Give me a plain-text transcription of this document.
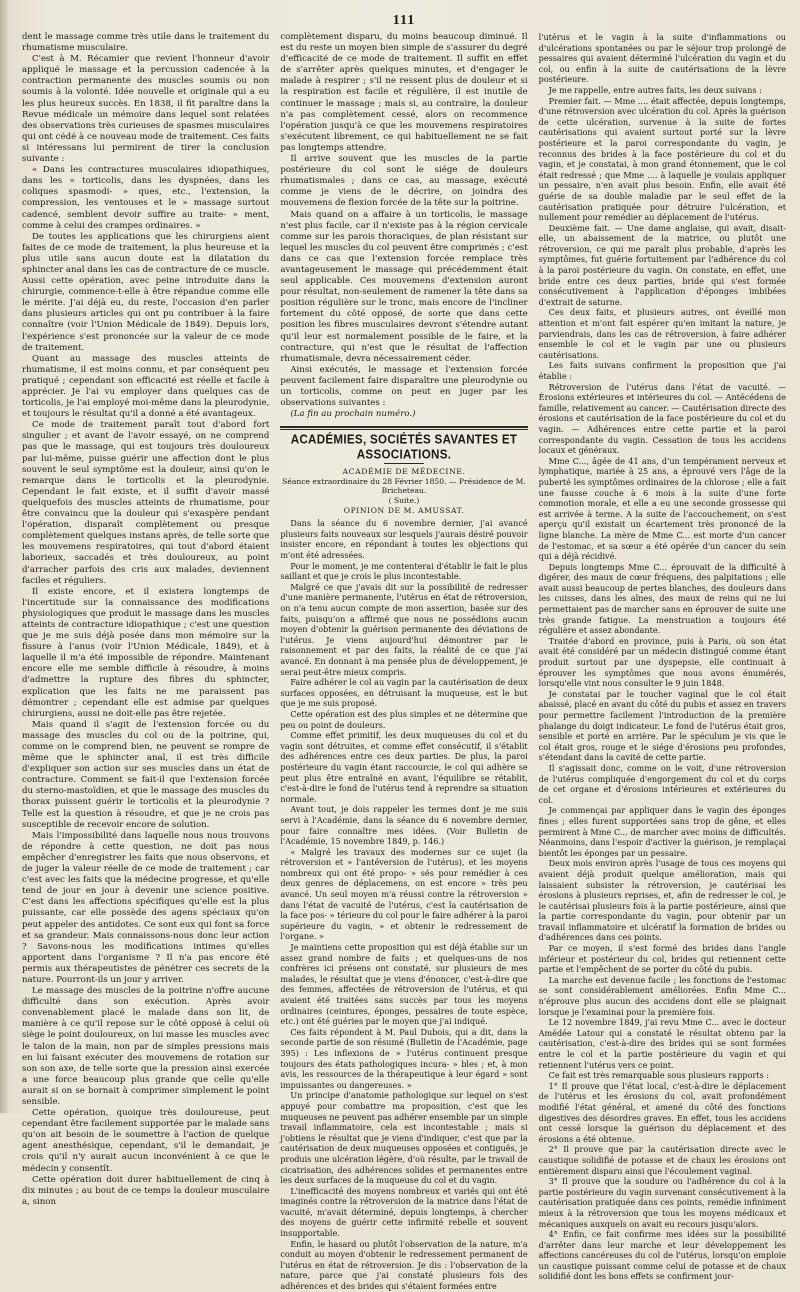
111

dent le massage comme très utile dans le traitement du rhumatisme musculaire.

C'est à M. Récamier que revient l'honneur d'avoir appliqué le massage et la percussion cadencée à la contraction permanente des muscles soumis ou non soumis à la volonté. Idée nouvelle et originale qui a eu les plus heureux succès. En 1838, il fit paraître dans la Revue médicale un mémoire dans lequel sont relatées des observations très curieuses de spasmes musculaires qui ont cédé à ce nouveau mode de traitement. Ces faits si intéressans lui permirent de tirer la conclusion suivante :

« Dans les contractures musculaires idiopathiques, dans les » torticolis, dans les dyspnées, dans les coliques spasmodi- » ques, etc., l'extension, la compression, les ventouses et le » massage surtout cadencé, semblent devoir suffire au traite- » ment, comme à celui des crampes ordinaires. »

De toutes les applications que les chirurgiens aient faites de ce mode de traitement, la plus heureuse et la plus utile sans aucun doute est la dilatation du sphincter anal dans les cas de contracture de ce muscle. Aussi cette opération, avec peine introduite dans la chirurgie, commence-t-elle à être répandue comme elle le mérite. J'ai déjà eu, du reste, l'occasion d'en parler dans plusieurs articles qui ont pu contribuer à la faire connaître (voir l'Union Médicale de 1849). Depuis lors, l'expérience s'est prononcée sur la valeur de ce mode de traitement.

Quant au massage des muscles atteints de rhumatisme, il est moins connu, et par conséquent peu pratiqué ; cependant son efficacité est réelle et facile à apprécier. Je l'ai vu employer dans quelques cas de torticolis, je l'ai employé moi-même dans la pleurodynie, et toujours le résultat qu'il a donné a été avantageux.

Ce mode de traitement paraît tout d'abord fort singulier ; et avant de l'avoir essayé, on ne comprend pas que le massage, qui est toujours très douloureux par lui-même, puisse guérir une affection dont le plus souvent le seul symptôme est la douleur, ainsi qu'on le remarque dans le torticolis et la pleurodynie. Cependant le fait existe, et il suffit d'avoir massé quelquefois des muscles atteints de rhumatisme, pour être convaincu que la douleur qui s'exaspère pendant l'opération, disparaît complètement ou presque complètement quelques instans après, de telle sorte que les mouvemens respiratoires, qui tout d'abord étaient laborieux, saccadés et très douloureux, au point d'arracher parfois des cris aux malades, deviennent faciles et réguliers.

Il existe encore, et il existera longtemps de l'incertitude sur la connaissance des modifications physiologiques que produit le massage dans les muscles atteints de contracture idiopathique ; c'est une question que je me suis déjà posée dans mon mémoire sur la fissure à l'anus (voir l'Union Médicale, 1849), et à laquelle il m'a été impossible de répondre. Maintenant encore elle me semble difficile à résoudre, à moins d'admettre la rupture des fibres du sphincter, explication que les faits ne me paraissent pas démontrer ; cependant elle est admise par quelques chirurgiens, aussi ne doit-elle pas être rejetée.

Mais quand il s'agit de l'extension forcée ou du massage des muscles du col ou de la poitrine, qui, comme on le comprend bien, ne peuvent se rompre de même que le sphincter anal, il est très difficile d'expliquer son action sur ses muscles dans un état de contracture. Comment se fait-il que l'extension forcée du sterno-mastoïdien, et que le massage des muscles du thorax puissent guérir le torticolis et la pleurodynie ? Telle est la question à résoudre, et que je ne crois pas susceptible de recevoir encore de solution.

Mais l'impossibilité dans laquelle nous nous trouvons de répondre à cette question, ne doit pas nous empêcher d'enregistrer les faits que nous observons, et de juger la valeur réelle de ce mode de traitement ; car c'est avec les faits que la médecine progresse, et qu'elle tend de jour en jour à devenir une science positive. C'est dans les affections spécifiques qu'elle est la plus puissante, car elle possède des agens spéciaux qu'on peut appeler des antidotes. Ce sont eux qui font sa force et sa grandeur. Mais connaissons-nous donc leur action ? Savons-nous les modifications intimes qu'elles apportent dans l'organisme ? Il n'a pas encore été permis aux thérapeutistes de pénétrer ces secrets de la nature. Pourront-ils un jour y arriver.

Le massage des muscles de la poitrine n'offre aucune difficulté dans son exécution. Après avoir convenablement placé le malade dans son lit, de manière à ce qu'il repose sur le côté opposé à celui où siège le point douloureux, on lui masse les muscles avec le talon de la main, non par de simples pressions mais en lui faisant exécuter des mouvemens de rotation sur son son axe, de telle sorte que la pression ainsi exercée a une force beaucoup plus grande que celle qu'elle aurait si on se bornait à comprimer simplement le point sensible.

Cette opération, quoique très douloureuse, peut cependant être facilement supportée par le malade sans qu'on ait besoin de le soumettre à l'action de quelque agent anesthésique, cependant, s'il le demandait, je crois qu'il n'y aurait aucun inconvénient à ce que le médecin y consentît.

Cette opération doit durer habituellement de cinq à dix minutes ; au bout de ce temps la douleur musculaire a, sinon

complètement disparu, du moins beaucoup diminué. Il est du reste un moyen bien simple de s'assurer du degré d'efficacité de ce mode de traitement. Il suffit en effet de s'arrêter après quelques minutes, et d'engager le malade à respirer ; s'il ne ressent plus de douleur et si la respiration est facile et régulière, il est inutile de continuer le massage ; mais si, au contraire, la douleur n'a pas complètement cessé, alors on recommence l'opération jusqu'à ce que les mouvemens respiratoires s'exécutent librement, ce qui habituellement ne se fait pas longtemps attendre.

Il arrive souvent que les muscles de la partie postérieure du col sont le siége de douleurs rhumatismales ; dans ce cas, au massage, exécuté comme je viens de le décrire, on joindra des mouvemens de flexion forcée de la tête sur la poitrine.

Mais quand on a affaire à un torticolis, le massage n'est plus facile, car il n'existe pas à la région cervicale comme sur les parois thoraciques, de plan résistant sur lequel les muscles du col peuvent être comprimés ; c'est dans ce cas que l'extension forcée remplace très avantageusement le massage qui précédemment était seul applicable. Ces mouvemens d'extension auront pour résultat, non-seulement de ramener la tête dans sa position régulière sur le tronc, mais encore de l'incliner fortement du côté opposé, de sorte que dans cette position les fibres musculaires devront s'étendre autant qu'il leur est normalement possible de le faire, et la contracture, qui n'est que le résultat de l'affection rhumatismale, devra nécessairement céder.

Ainsi exécutés, le massage et l'extension forcée peuvent facilement faire disparaître une pleurodynie ou un torticolis, comme on peut en juger par les observations suivantes :

(La fin au prochain numéro.)

ACADÉMIES, SOCIÉTÉS SAVANTES ET ASSOCIATIONS.
ACADÉMIE DE MÉDECINE.
Séance extraordinaire du 28 Février 1850. — Présidence de M. Bricheteau.
( Suite.)
OPINION DE M. AMUSSAT.

Dans la séance du 6 novembre dernier, j'ai avancé plusieurs faits nouveaux sur lesquels j'aurais désiré pouvoir insister encore, en répondant à toutes les objections qui m'ont été adressées.

Pour le moment, je me contenterai d'établir le fait le plus saillant et que je crois le plus incontestable.

Malgré ce que j'avais dit sur la possibilité de redresser d'une manière permanente, l'utérus en état de rétroversion, on n'a tenu aucun compte de mon assertion, basée sur des faits, puisqu'on a affirmé que nous ne possédions aucun moyen d'obtenir la guérison permanente des déviations de l'utérus. Je viens aujourd'hui démontrer par le raisonnement et par des faits, la réalité de ce que j'ai avancé. En donnant à ma pensée plus de développement, je serai peut-être mieux compris.

Faire adhérer le col au vagin par la cautérisation de deux surfaces opposées, en détruisant la muqueuse, est le but que je me suis proposé.

Cette opération est des plus simples et ne détermine que peu ou point de douleurs.

Comme effet primitif, les deux muqueuses du col et du vagin sont détruites, et comme effet consécutif, il s'établit des adhérences entre ces deux parties. De plus, la paroi postérieure du vagin étant raccourcie, le col qui adhère se peut plus être entraîné en avant, l'équilibre se rétablit, c'est-à-dire le fond de l'utérus tend à reprendre sa situation normale.

Avant tout, je dois rappeler les termes dont je me suis servi à l'Académie, dans la séance du 6 novembre dernier, pour faire connaître mes idées. (Voir Bulletin de l'Académie, 15 novembre 1849, p. 146.)

« Malgré les travaux des modernes sur ce sujet (la rétroversion et » l'antéversion de l'utérus), et les moyens nombreux qui ont été propo- » sés pour remédier à ces deux genres de déplacemens, on est encore » très peu avancé. Un seul moyen m'a réussi contre la rétroversion » dans l'état de vacuité de l'utérus, c'est la cautérisation de la face pos- » térieure du col pour le faire adhérer à la paroi supérieure du vagin, » et obtenir le redressement de l'organe. »

Je maintiens cette proposition qui est déjà établie sur un assez grand nombre de faits ; et quelques-uns de nos confrères ici présens ont constaté, sur plusieurs de mes malades, le résultat que je viens d'énoncer, c'est-à-dire que des femmes, affectées de rétroversion de l'utérus, et qui avaient été traitées sans succès par tous les moyens ordinaires (ceintures, éponges, pessaires de toute espèce, etc.) ont été guéries par le moyen que j'ai indiqué.

Ces faits répondent à M. Paul Dubois, qui a dit, dans la seconde partie de son résumé (Bulletin de l'Académie, page 395) : Les inflexions de » l'utérus continuent presque toujours des états pathologiques incura- » bles ; et, à mon avis, les ressources de la thérapeutique à leur égard » sont impuissantes ou dangereuses. »

Un principe d'anatomie pathologique sur lequel on s'est appuyé pour combattre ma proposition, c'est que les muqueuses ne peuvent pas adhérer ensemble par un simple travail inflammatoire, cela est incontestable ; mais si j'obtiens le résultat que je viens d'indiquer, c'est que par la cautérisation de deux muqueuses opposées et contiguës, je produis une ulcération légère, d'où résulte, par le travail de cicatrisation, des adhérences solides et permanentes entre les deux surfaces de la muqueuse du col et du vagin.

L'inefficacité des moyens nombreux et variés qui ont été imaginés contre la rétroversion de la matrice dans l'état de vacuité, m'avait déterminé, depuis longtemps, à chercher des moyens de guérir cette infirmité rebelle et souvent insupportable.

Enfin, le hasard ou plutôt l'observation de la nature, m'a conduit au moyen d'obtenir le redressement permanent de l'utérus en état de rétroversion. Je dis : l'observation de la nature, parce que j'ai constaté plusieurs fois des adhérences et des brides qui s'étaient formées entre

l'utérus et le vagin à la suite d'inflammations ou d'ulcérations spontanées ou par le séjour trop prolongé de pessaires qui avaient déterminé l'ulcération du vagin et du col, ou enfin à la suite de cautérisations de la lèvre postérieure.

Je me rappelle, entre autres faits, les deux suivans :

Premier fait. — Mme .... était affectée, depuis longtemps, d'une rétroversion avec ulcération du col. Après la guérison de cette ulcération, survenue à la suite de fortes cautérisations qui avaient surtout porté sur la lèvre postérieure et la paroi correspondante du vagin, je reconnus des brides à la face postérieure du col et du vagin, et je constatai, à mon grand étonnement, que le col était redressé ; que Mme .... à laquelle je voulais appliquer un pessaire, n'en avait plus besoin. Enfin, elle avait été guérie de sa double maladie par le seul effet de la cautérisation pratiquée pour détruire l'ulcération, et nullement pour remédier au déplacement de l'utérus.

Deuxième fait. — Une dame anglaise, qui avait, disait-elle, un abaissement de la matrice, ou plutôt une rétroversion, ce qui me paraît plus probable, d'après les symptômes, fut guérie fortuitement par l'adhérence du col à la paroi postérieure du vagin. On constate, en effet, une bride entre ces deux parties, bride qui s'est formée consécutivement à l'application d'éponges imbibées d'extrait de saturne.

Ces deux faits, et plusieurs autres, ont éveillé mon attention et m'ont fait espérer qu'en imitant la nature, je parviendrais, dans les cas de rétroversion, à faire adhérer ensemble le col et le vagin par une ou plusieurs cautérisations.

Les faits suivans confirment la proposition que j'ai établie :

Rétroversion de l'utérus dans l'état de vacuité. — Érosions extérieures et intérieures du col. — Antécédens de famille, relativement au cancer. — Cautérisation directe des érosions et cautérisation de la face postérieure du col et du vagin. — Adhérences entre cette partie et la paroi correspondante du vagin. Cessation de tous les accidens locaux et généraux.

Mme C..., âgée de 41 ans, d'un tempérament nerveux et lymphatique, mariée à 25 ans, a éprouvé vers l'âge de la puberté les symptômes ordinaires de la chlorose ; elle a fait une fausse couche à 6 mois à la suite d'une forte commotion morale, et elle a eu une seconde grossesse qui est arrivée à terme. A la suite de l'accouchement, on s'est aperçu qu'il existait un écartement très prononcé de la ligne blanche. La mère de Mme C... est morte d'un cancer de l'estomac, et sa sœur a été opérée d'un cancer du sein qui a déjà récidivé.

Depuis longtemps Mme C... éprouvait de la difficulté à digérer, des maux de cœur fréquens, des palpitations ; elle avait aussi beaucoup de pertes blanches, des douleurs dans les cuisses, dans les aînes, des maux de reins qui ne lui permettaient pas de marcher sans en éprouver de suite une très grande fatigue. La menstruation a toujours été régulière et assez abondante.

Traitée d'abord en province, puis à Paris, où son état avait été considéré par un médecin distingué comme étant produit surtout par une dyspepsie, elle continuait à éprouver les symptômes que nous avons énumérés, lorsqu'elle vint nous consulter le 9 juin 1848.

Je constatai par le toucher vaginal que le col était abaissé, placé en avant du côté du pubis et assez en travers pour permettre facilement l'introduction de la première phalange du doigt indicateur. Le fond de l'utérus était gros, sensible et porté en arrière. Par le spéculum je vis que le col était gros, rouge et le siége d'érosions peu profondes, s'étendant dans la cavité de cette partie.

Il s'agissait donc, comme on le voit, d'une rétroversion de l'utérus compliquée d'engorgement du col et du corps de cet organe et d'érosions intérieures et extérieures du col.

Je commençai par appliquer dans le vagin des éponges fines ; elles furent supportées sans trop de gêne, et elles permirent à Mme C... de marcher avec moins de difficultés. Néanmoins, dans l'espoir d'activer la guérison, je remplaçai bientôt les éponges par un pessaire.

Deux mois environ après l'usage de tous ces moyens qui avaient déjà produit quelque amélioration, mais qui laissaient subsister la rétroversion, je cautérisai les érosions à plusieurs reprises, et, afin de redresser le col, je le cautérisai plusieurs fois à la partie postérieure, ainsi que la partie correspondante du vagin, pour obtenir par un travail inflammatoire et ulcératif la formation de brides ou d'adhérences dans ces points.

Par ce moyen, il s'est formé des brides dans l'angle inférieur et postérieur du col, brides qui retiennent cette partie et l'empêchent de se porter du côté du pubis.

La marche est devenue facile ; les fonctions de l'estomac se sont considérablement améliorées. Enfin Mme C... n'éprouve plus aucun des accidens dont elle se plaignait lorsque je l'examinai pour la première fois.

Le 12 novembre 1849, j'ai revu Mme C... avec le docteur Amédée Latour qui a constaté le résultat obtenu par la cautérisation, c'est-à-dire des brides qui se sont formées entre le col et la partie postérieure du vagin et qui retiennent l'utérus vers ce point.

Ce fait est très remarquable sous plusieurs rapports :

1° Il prouve que l'état local, c'est-à-dire le déplacement de l'utérus et les érosions du col, avait profondément modifié l'état général, et amené du côté des fonctions digestives des désordres graves. En effet, tous les accidens ont cessé lorsque la guérison du déplacement et des érosions a été obtenue.

2° Il prouve que par la cautérisation directe avec le caustique solidifié de potasse et de chaux les érosions ont entièrement disparu ainsi que l'écoulement vaginal.

3° Il prouve que la soudure ou l'adhérence du col à la partie postérieure du vagin survenant consécutivement à la cautérisation pratiquée dans ces points, remédie infiniment mieux à la rétroversion que tous les moyens médicaux et mécaniques auxquels on avait eu recours jusqu'alors.

4° Enfin, ce fait confirme mes idées sur la possibilité d'arrêter dans leur marche et leur développement les affections cancéreuses du col de l'utérus, lorsqu'on emploie un caustique puissant comme celui de potasse et de chaux solidifié dont les bons effets se confirment jour-
